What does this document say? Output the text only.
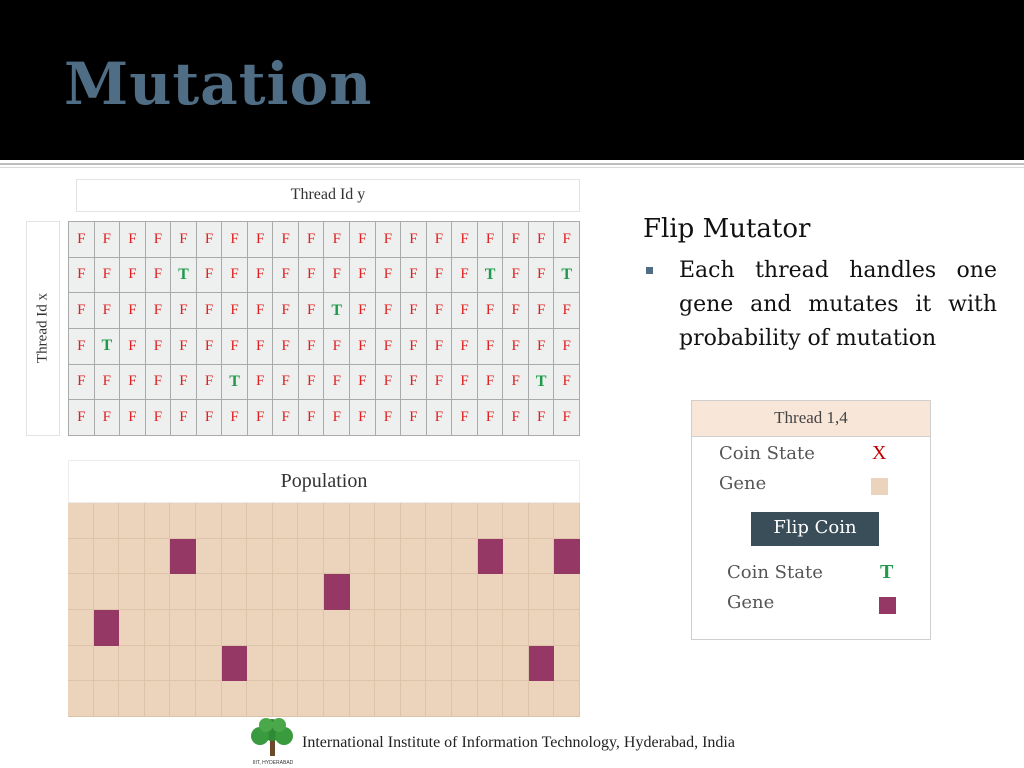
Mutation
Thread Id y
Thread Id x
F	F	F	F	F	F	F	F	F	F	F	F	F	F	F	F	F	F	F	F
F	F	F	F	T	F	F	F	F	F	F	F	F	F	F	F	T	F	F	T
F	F	F	F	F	F	F	F	F	F	T	F	F	F	F	F	F	F	F	F
F	T	F	F	F	F	F	F	F	F	F	F	F	F	F	F	F	F	F	F
F	F	F	F	F	F	T	F	F	F	F	F	F	F	F	F	F	F	T	F
F	F	F	F	F	F	F	F	F	F	F	F	F	F	F	F	F	F	F	F
Population
Flip Mutator
Each thread handles one gene and mutates it with probability of mutation
Thread 1,4
Coin State	X
Gene
Flip Coin
Coin State	T
Gene
IIIT, HYDERABAD
International Institute of Information Technology, Hyderabad, India
